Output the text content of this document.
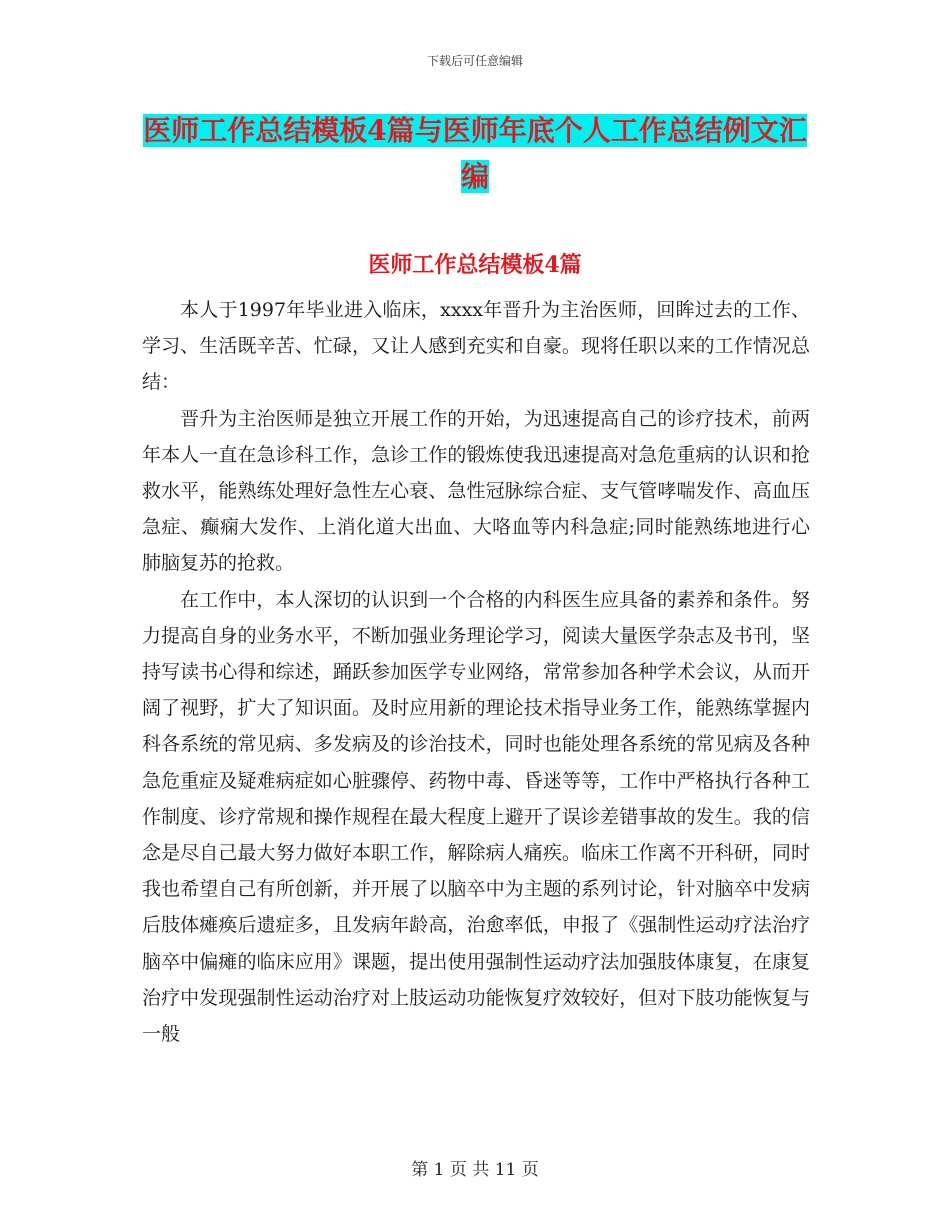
下载后可任意编辑
医师工作总结模板4篇与医师年底个人工作总结例文汇编
医师工作总结模板4篇

本人于1997年毕业进入临床，xxxx年晋升为主治医师，回眸过去的工作、学习、生活既辛苦、忙碌，又让人感到充实和自豪。现将任职以来的工作情况总结：

晋升为主治医师是独立开展工作的开始，为迅速提高自己的诊疗技术，前两年本人一直在急诊科工作，急诊工作的锻炼使我迅速提高对急危重病的认识和抢救水平，能熟练处理好急性左心衰、急性冠脉综合症、支气管哮喘发作、高血压急症、癫痫大发作、上消化道大出血、大咯血等内科急症;同时能熟练地进行心肺脑复苏的抢救。

在工作中，本人深切的认识到一个合格的内科医生应具备的素养和条件。努力提高自身的业务水平，不断加强业务理论学习，阅读大量医学杂志及书刊，坚持写读书心得和综述，踊跃参加医学专业网络，常常参加各种学术会议，从而开阔了视野，扩大了知识面。及时应用新的理论技术指导业务工作，能熟练掌握内科各系统的常见病、多发病及的诊治技术，同时也能处理各系统的常见病及各种急危重症及疑难病症如心脏骤停、药物中毒、昏迷等等，工作中严格执行各种工作制度、诊疗常规和操作规程在最大程度上避开了误诊差错事故的发生。我的信念是尽自己最大努力做好本职工作，解除病人痛疾。临床工作离不开科研，同时我也希望自己有所创新，并开展了以脑卒中为主题的系列讨论，针对脑卒中发病后肢体瘫痪后遗症多，且发病年龄高，治愈率低，申报了《强制性运动疗法治疗脑卒中偏瘫的临床应用》课题，提出使用强制性运动疗法加强肢体康复，在康复治疗中发现强制性运动治疗对上肢运动功能恢复疗效较好，但对下肢功能恢复与一般

第 1 页 共 11 页
